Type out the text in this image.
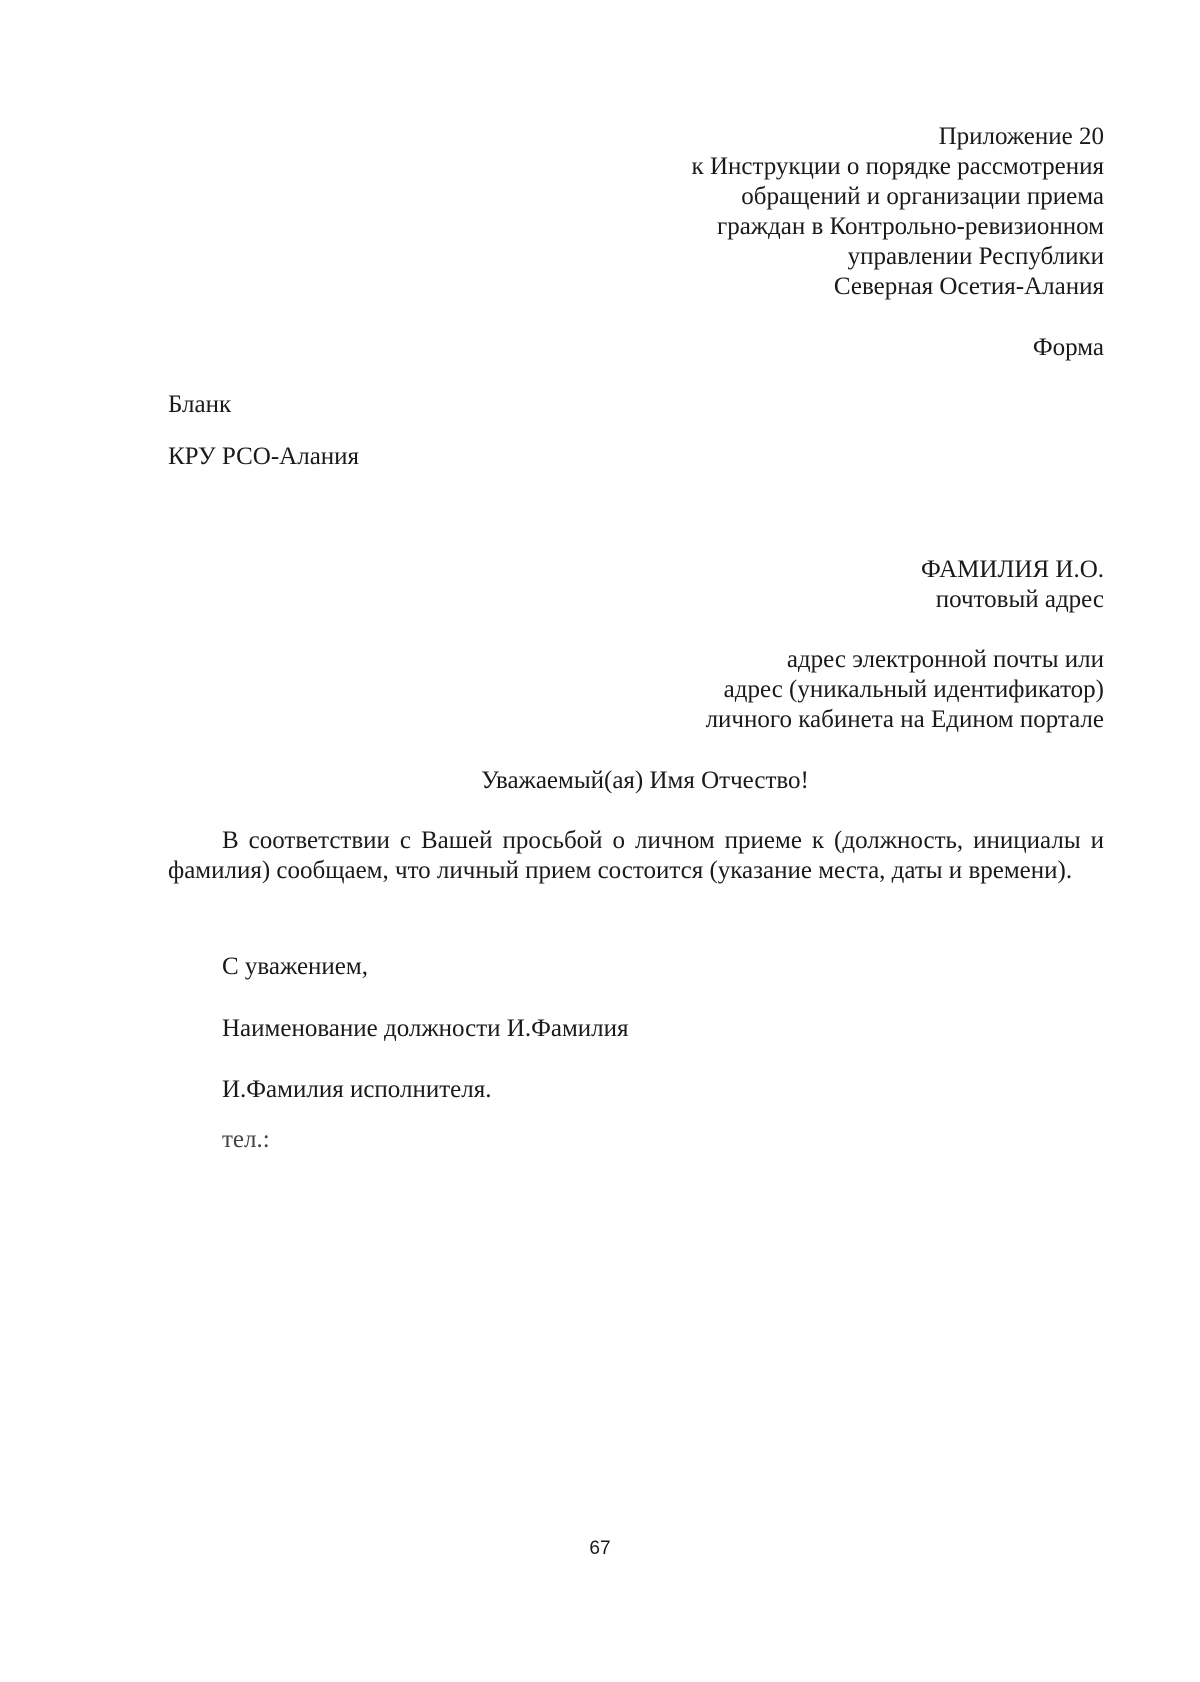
Приложение 20
к Инструкции о порядке рассмотрения
обращений и организации приема
граждан в Контрольно-ревизионном
управлении Республики
Северная Осетия-Алания
Форма
Бланк
КРУ РСО-Алания
ФАМИЛИЯ И.О.
почтовый адрес
адрес электронной почты или
адрес (уникальный идентификатор)
личного кабинета на Едином портале
Уважаемый(ая) Имя Отчество!
В соответствии с Вашей просьбой о личном приеме к (должность, инициалы и фамилия) сообщаем, что личный прием состоится (указание места, даты и времени).
С уважением,
Наименование должности И.Фамилия
И.Фамилия исполнителя.
тел.:
67
